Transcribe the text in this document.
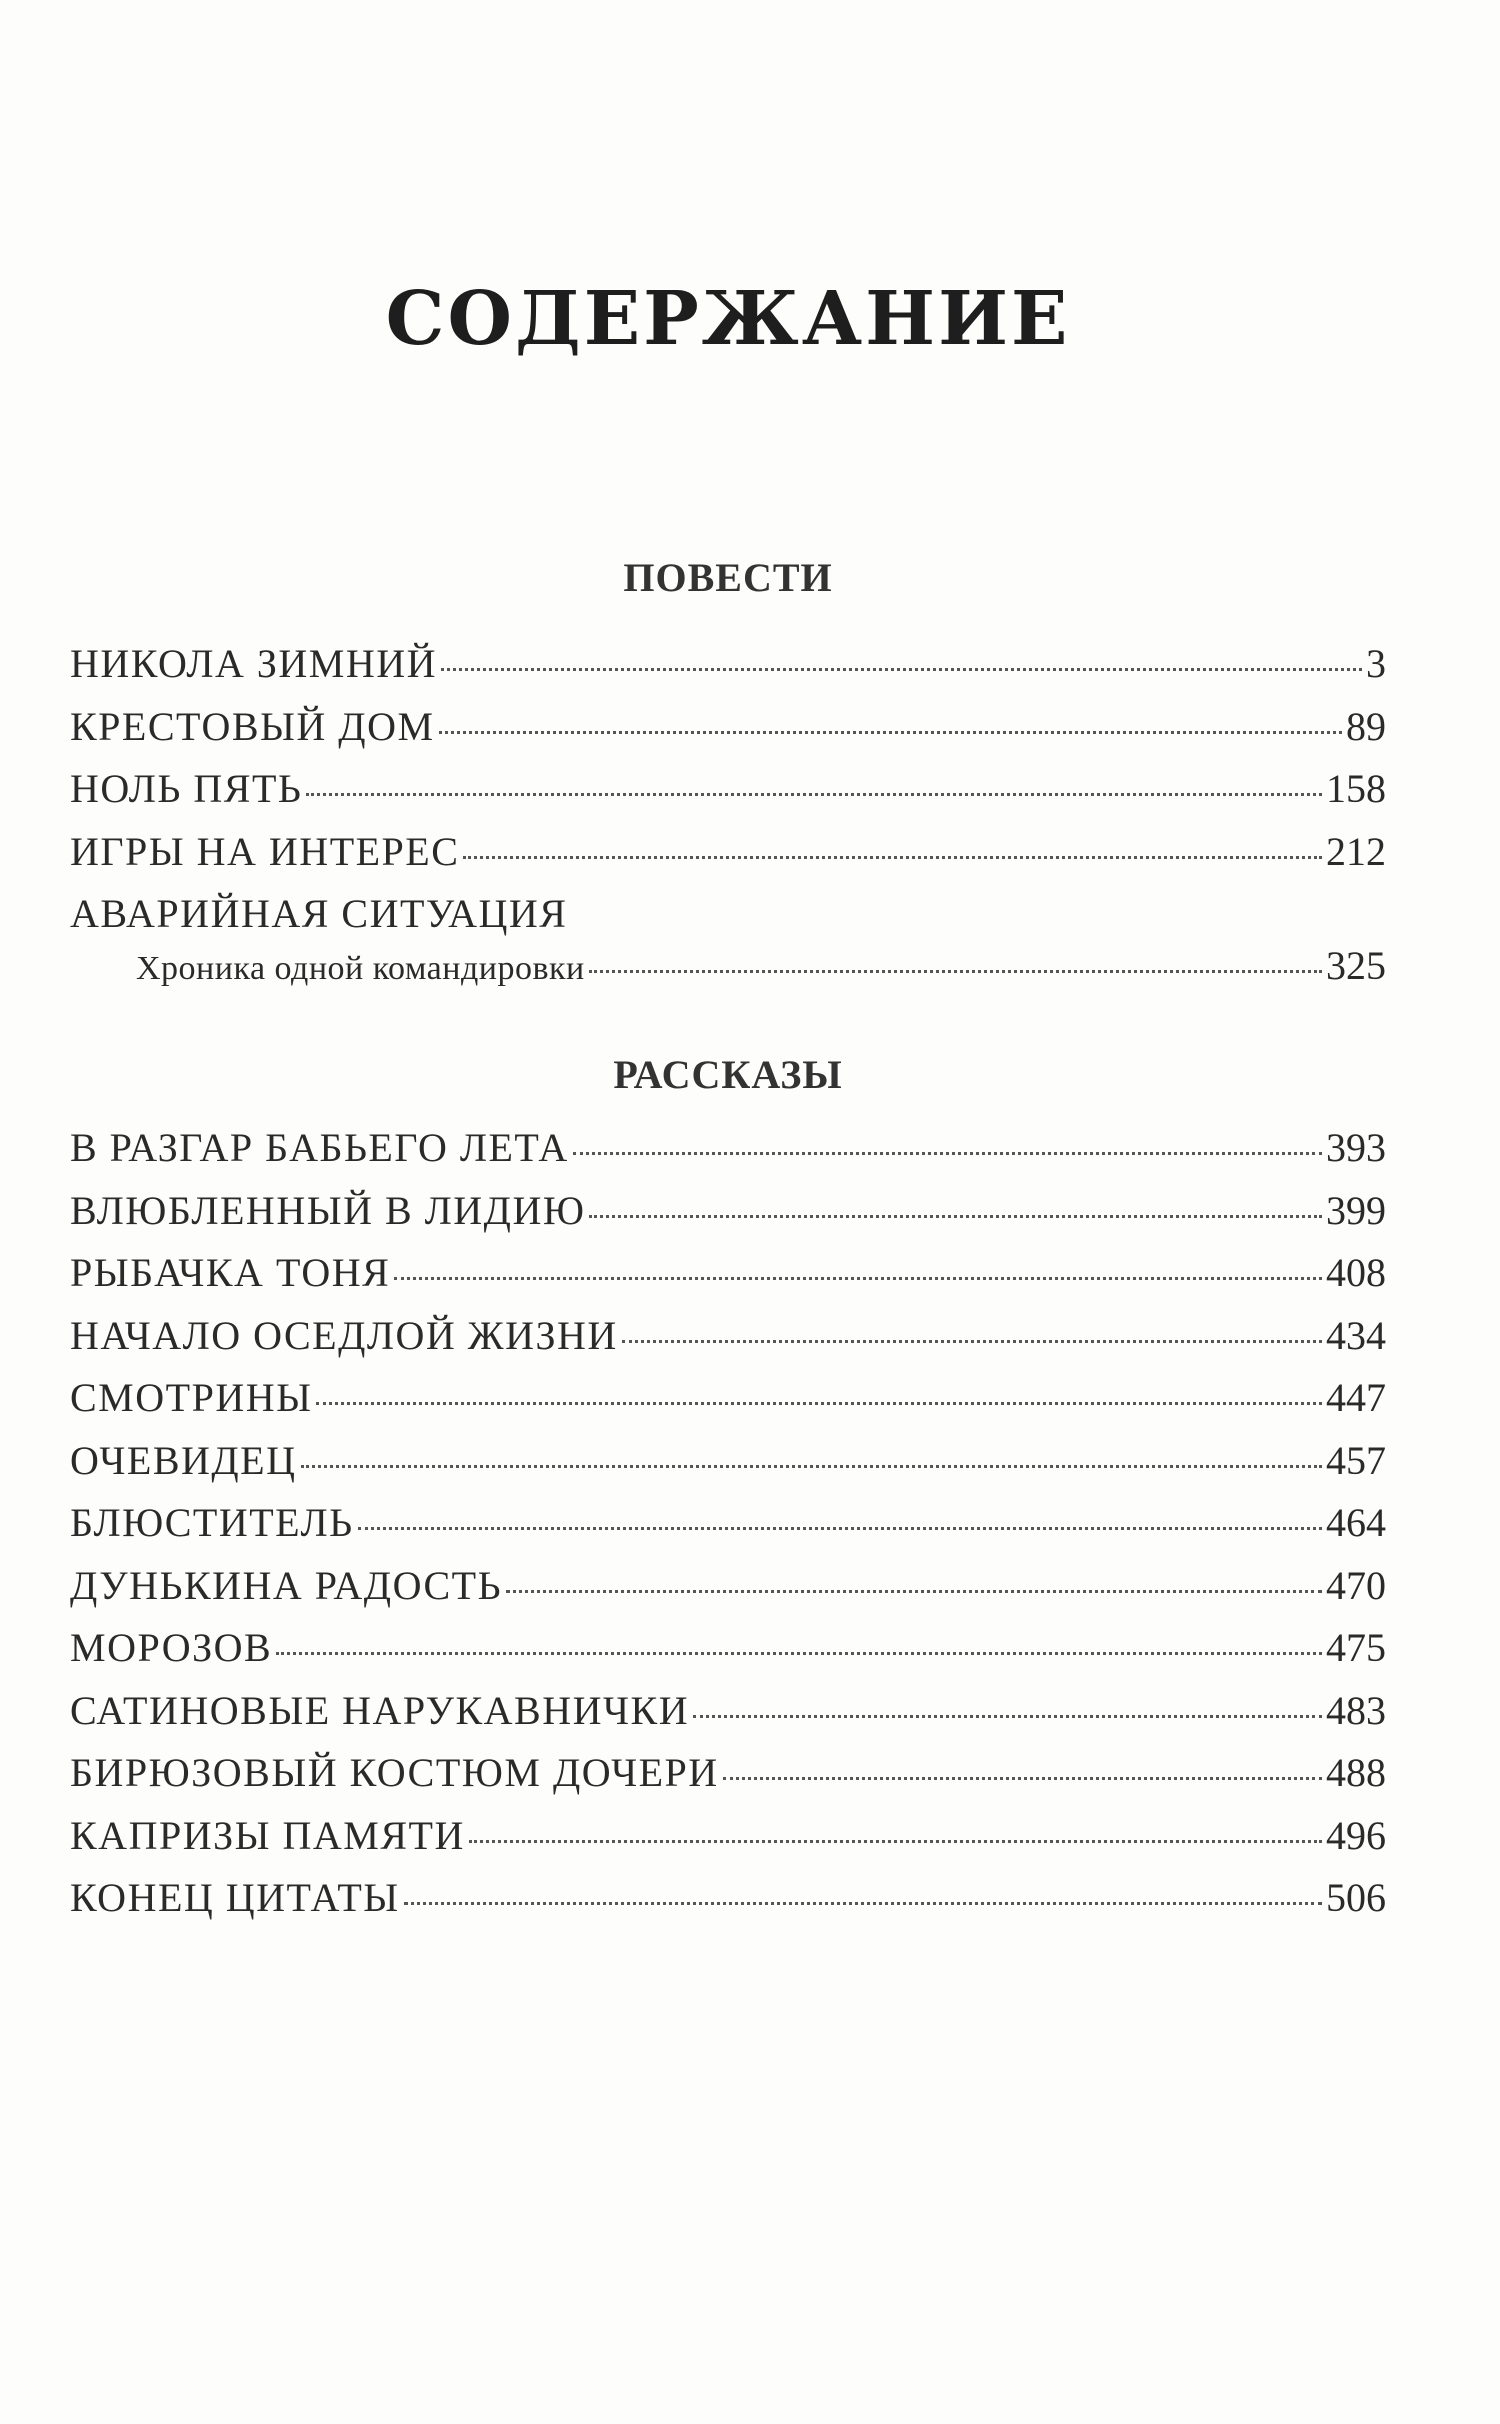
СОДЕРЖАНИЕ
ПОВЕСТИ
НИКОЛА ЗИМНИЙ	3
КРЕСТОВЫЙ ДОМ	89
НОЛЬ ПЯТЬ	158
ИГРЫ НА ИНТЕРЕС	212
АВАРИЙНАЯ СИТУАЦИЯ
Хроника одной командировки	325
РАССКАЗЫ
В РАЗГАР БАБЬЕГО ЛЕТА	393
ВЛЮБЛЕННЫЙ В ЛИДИЮ	399
РЫБАЧКА ТОНЯ	408
НАЧАЛО ОСЕДЛОЙ ЖИЗНИ	434
СМОТРИНЫ	447
ОЧЕВИДЕЦ	457
БЛЮСТИТЕЛЬ	464
ДУНЬКИНА РАДОСТЬ	470
МОРОЗОВ	475
САТИНОВЫЕ НАРУКАВНИЧКИ	483
БИРЮЗОВЫЙ КОСТЮМ ДОЧЕРИ	488
КАПРИЗЫ ПАМЯТИ	496
КОНЕЦ ЦИТАТЫ	506
